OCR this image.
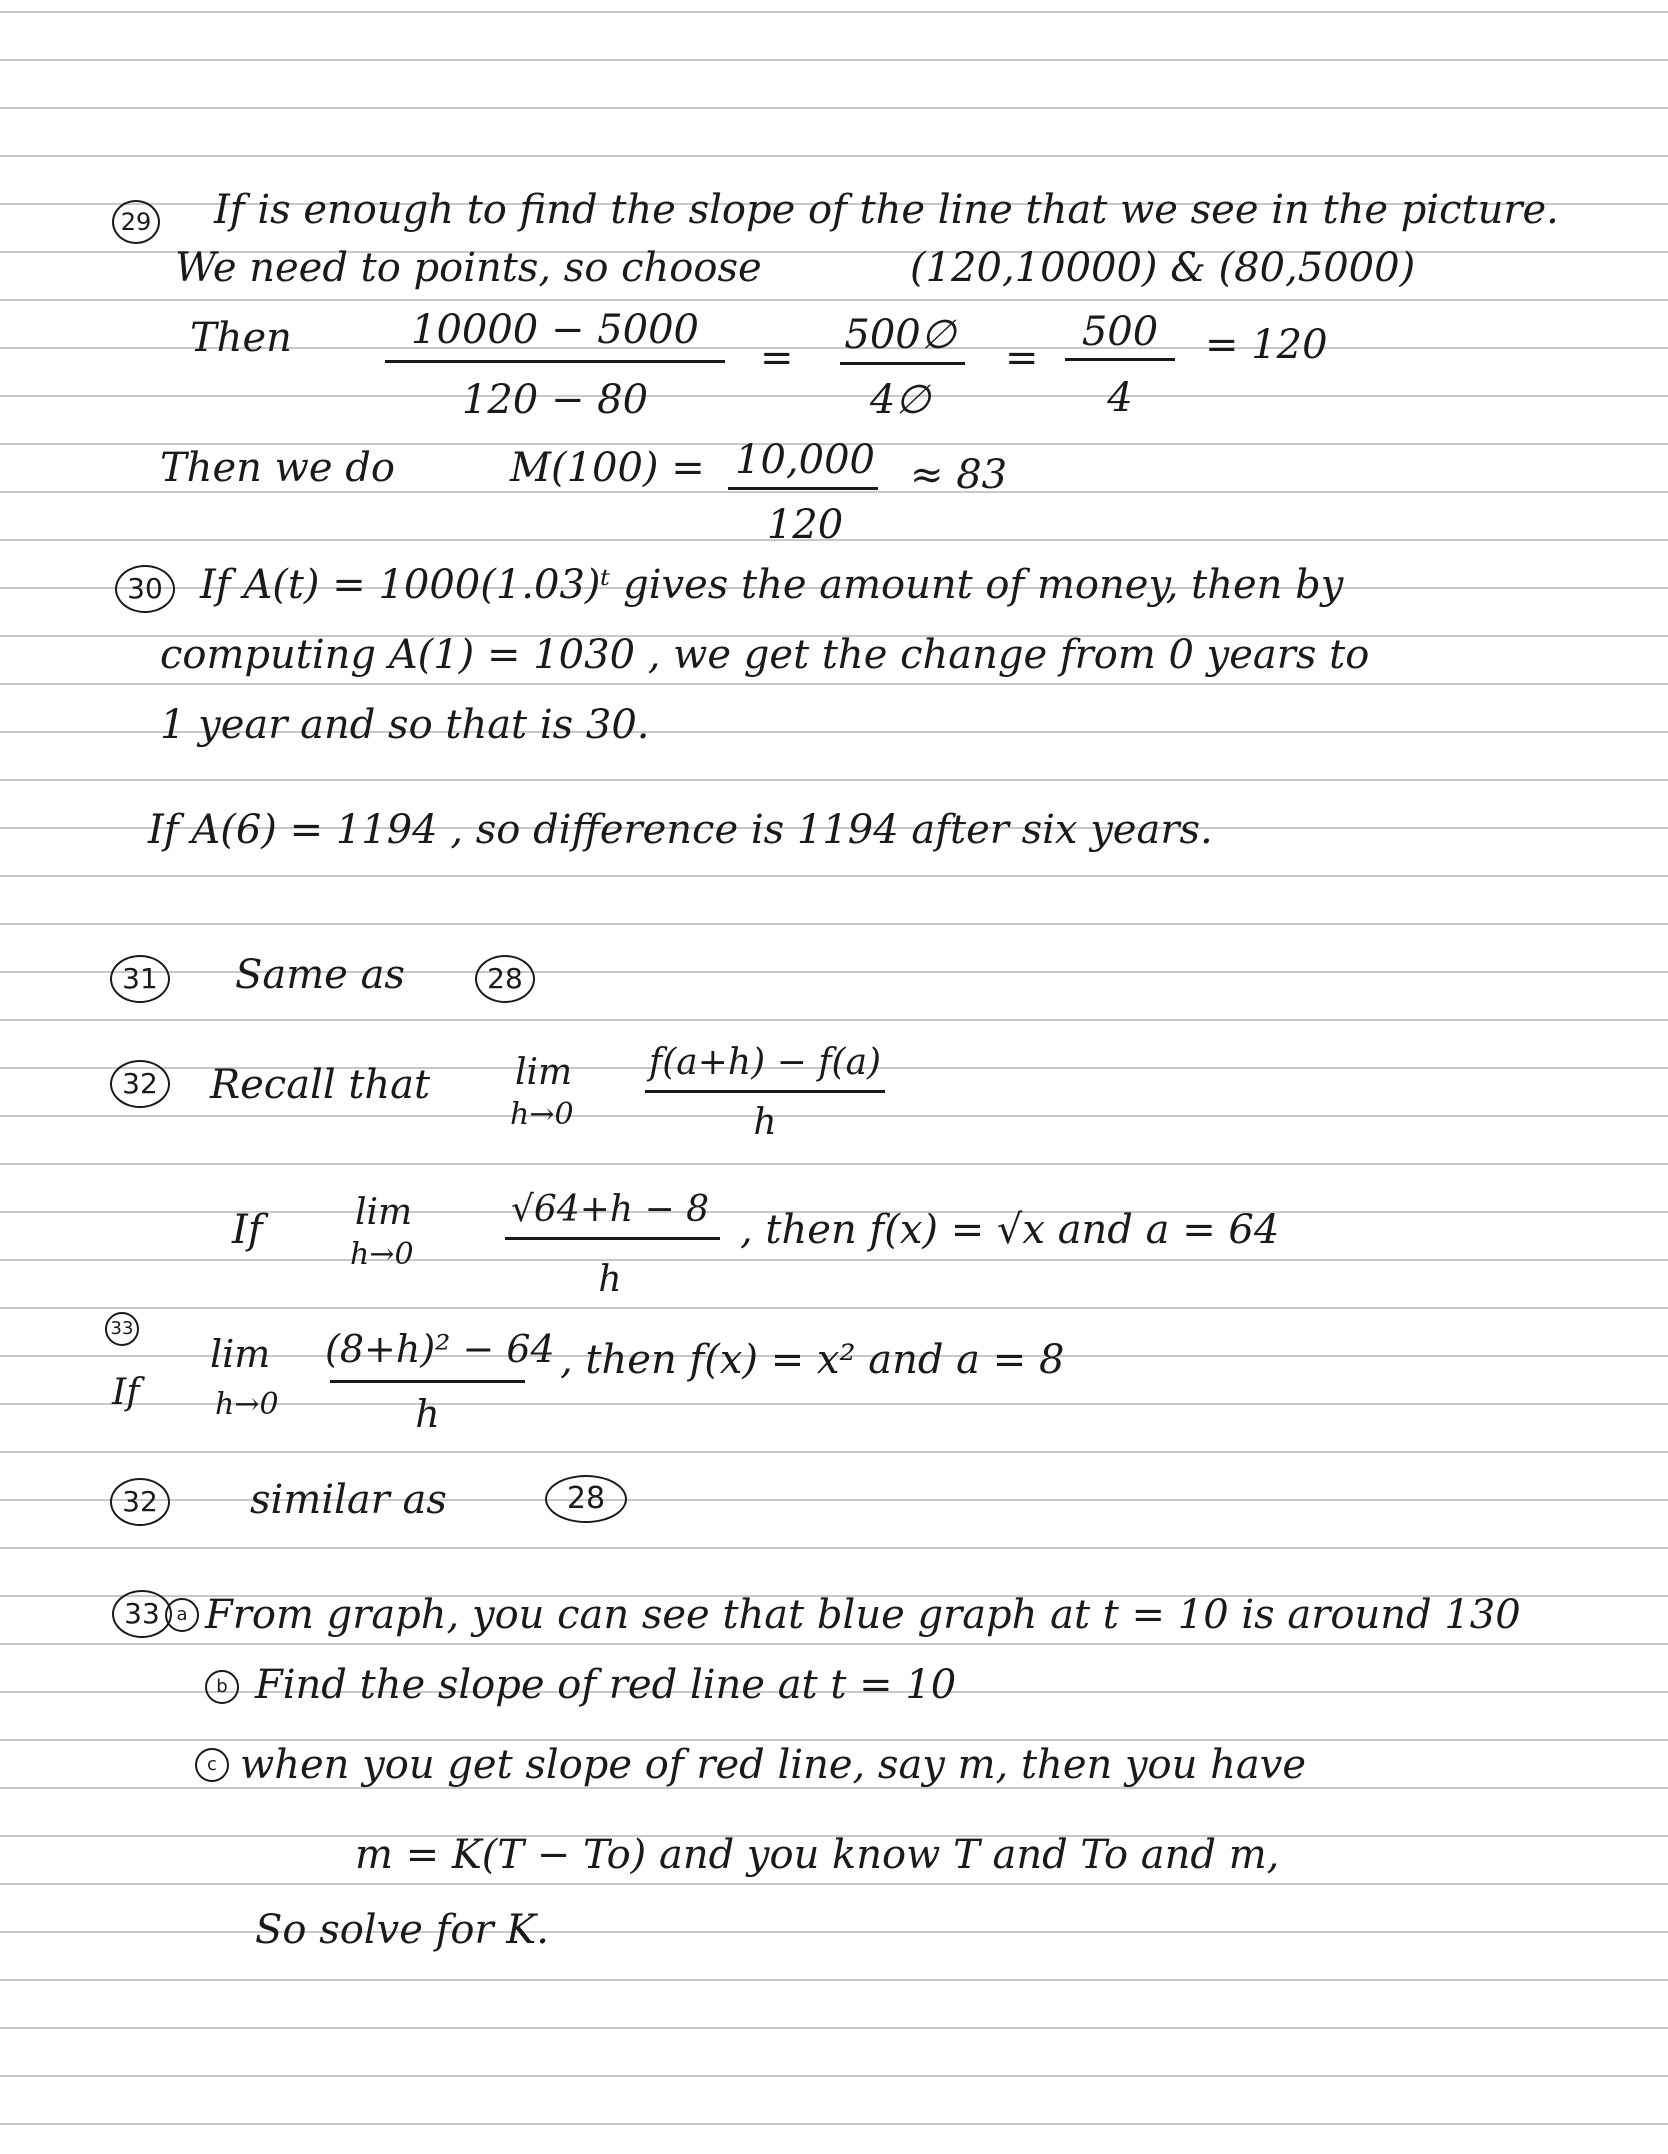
29 If is enough to find the slope of the line that we see in the picture.
We need to points, so choose	(120,10000) & (80,5000)
Then	10000 − 5000
120 − 80
=	500∅
4∅
=
500
4
= 120
Then we do	M(100) = 10,000
120
≈ 83
30 If A(t) = 1000(1.03)ᵗ gives the amount of money, then by
computing A(1) = 1030 , we get the change from 0 years to
1 year and so that is 30.
If A(6) = 1194 , so difference is 1194 after six years.
31	Same as	28
32	Recall that lim
h→0
f(a+h) − f(a)
h
If	lim
h→0
√64+h − 8
h
, then f(x) = √x and a = 64
33
If
lim
h→0
(8+h)² − 64
h
, then f(x) = x² and a = 8
32	similar as	28
33 a From graph, you can see that blue graph at t = 10 is around 130
b Find the slope of red line at t = 10
c when you get slope of red line, say m, then you have
m = K(T − To) and you know T and To and m,
So solve for K.
